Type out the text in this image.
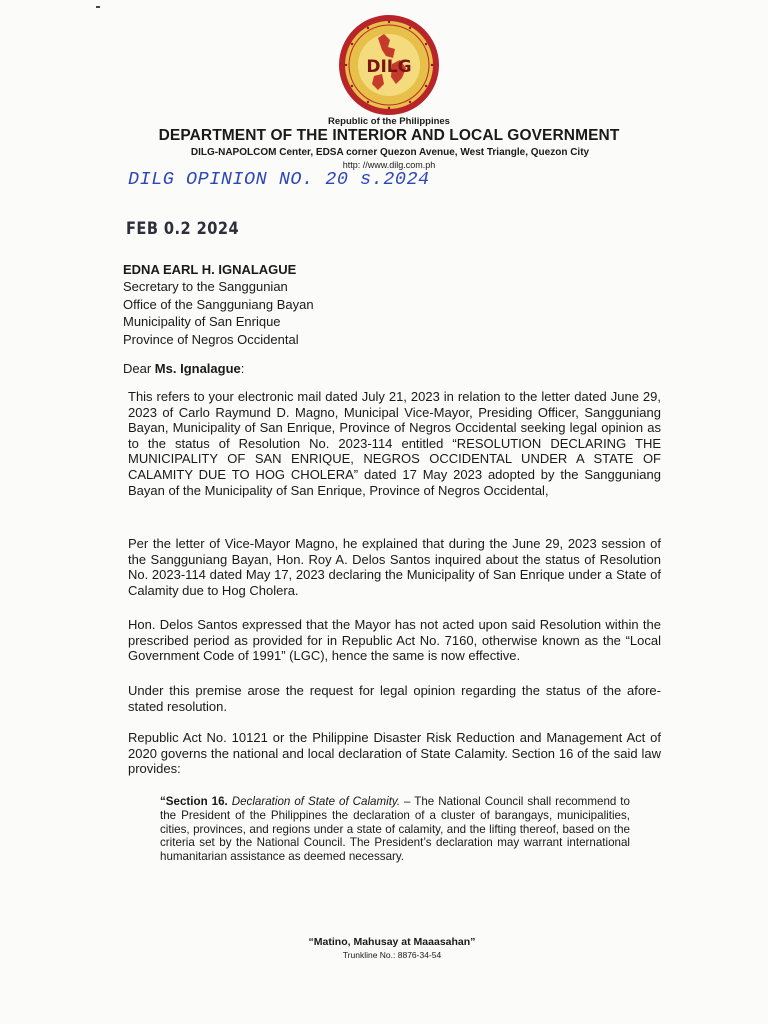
DILG
Republic of the Philippines
DEPARTMENT OF THE INTERIOR AND LOCAL GOVERNMENT
DILG-NAPOLCOM Center, EDSA corner Quezon Avenue, West Triangle, Quezon City
http: //www.dilg.com.ph
DILG OPINION NO. 20 s.2024
FEB 0.2 2024
EDNA EARL H. IGNALAGUE
Secretary to the Sanggunian
Office of the Sangguniang Bayan
Municipality of San Enrique
Province of Negros Occidental
Dear Ms. Ignalague:
This refers to your electronic mail dated July 21, 2023 in relation to the letter dated June 29, 2023 of Carlo Raymund D. Magno, Municipal Vice-Mayor, Presiding Officer, Sangguniang Bayan, Municipality of San Enrique, Province of Negros Occidental seeking legal opinion as to the status of Resolution No. 2023-114 entitled “RESOLUTION DECLARING THE MUNICIPALITY OF SAN ENRIQUE, NEGROS OCCIDENTAL UNDER A STATE OF CALAMITY DUE TO HOG CHOLERA” dated 17 May 2023 adopted by the Sangguniang Bayan of the Municipality of San Enrique, Province of Negros Occidental,
Per the letter of Vice-Mayor Magno, he explained that during the June 29, 2023 session of the Sangguniang Bayan, Hon. Roy A. Delos Santos inquired about the status of Resolution No. 2023-114 dated May 17, 2023 declaring the Municipality of San Enrique under a State of Calamity due to Hog Cholera.
Hon. Delos Santos expressed that the Mayor has not acted upon said Resolution within the prescribed period as provided for in Republic Act No. 7160, otherwise known as the “Local Government Code of 1991” (LGC), hence the same is now effective.
Under this premise arose the request for legal opinion regarding the status of the afore-stated resolution.
Republic Act No. 10121 or the Philippine Disaster Risk Reduction and Management Act of 2020 governs the national and local declaration of State Calamity. Section 16 of the said law provides:
“Section 16. Declaration of State of Calamity. – The National Council shall recommend to the President of the Philippines the declaration of a cluster of barangays, municipalities, cities, provinces, and regions under a state of calamity, and the lifting thereof, based on the criteria set by the National Council. The President’s declaration may warrant international humanitarian assistance as deemed necessary.
“Matino, Mahusay at Maaasahan”
Trunkline No.: 8876-34-54
